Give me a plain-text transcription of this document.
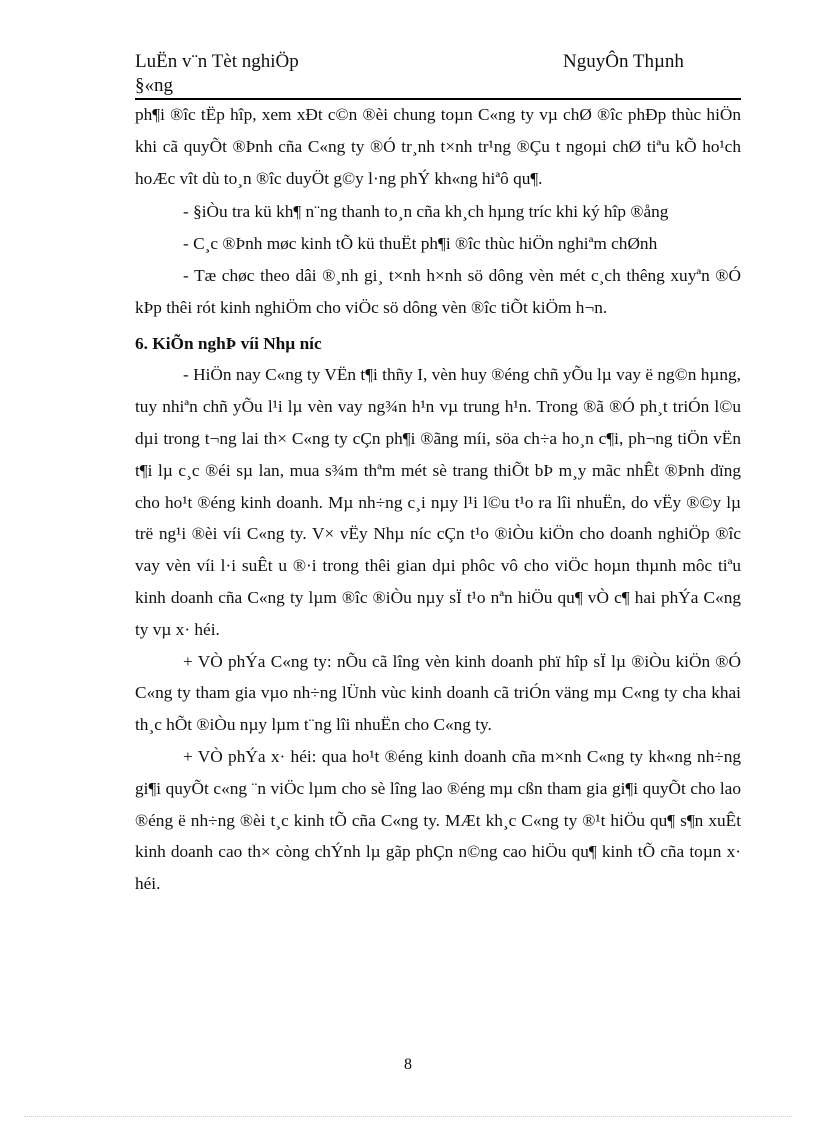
LuËn v¨n Tèt nghiÖp	NguyÔn Thµnh
§«ng

ph¶i ®îc tËp hîp, xem xÐt c©n ®èi chung toµn C«ng ty vµ chØ ®îc phÐp thùc hiÖn khi cã quyÕt ®Þnh cña C«ng ty ®Ó tr¸nh t×nh tr¹ng ®Çu t ngoµi chØ tiªu kÕ ho¹ch hoÆc vît dù to¸n ®îc duyÖt g©y l·ng phÝ kh«ng hiªô qu¶.

- §iÒu tra kü kh¶ n¨ng thanh to¸n cña kh¸ch hµng tríc khi ký hîp ®ång

- C¸c ®Þnh møc kinh tÕ kü thuËt ph¶i ®îc thùc hiÖn nghiªm chØnh

- Tæ chøc theo dâi ®¸nh gi¸ t×nh h×nh sö dông vèn mét c¸ch thêng xuyªn ®Ó kÞp thêi rót kinh nghiÖm cho viÖc sö dông vèn ®îc tiÕt kiÖm h¬n.

6. KiÕn nghÞ víi Nhµ níc

- HiÖn nay C«ng ty VËn t¶i thñy I, vèn huy ®éng chñ yÕu lµ vay ë ng©n hµng, tuy nhiªn chñ yÕu l¹i lµ vèn vay ng¾n h¹n vµ trung h¹n. Trong ®ã ®Ó ph¸t triÓn l©u dµi trong t¬ng lai th× C«ng ty cÇn ph¶i ®ãng míi, söa ch÷a ho¸n c¶i, ph¬ng tiÖn vËn t¶i lµ c¸c ®éi sµ lan, mua s¾m thªm mét sè trang thiÕt bÞ m¸y mãc nhÊt ®Þnh dïng cho ho¹t ®éng kinh doanh. Mµ nh÷ng c¸i nµy l¹i l©u t¹o ra lîi nhuËn, do vËy ®©y lµ trë ng¹i ®èi víi C«ng ty. V× vËy Nhµ níc cÇn t¹o ®iÒu kiÖn cho doanh nghiÖp ®îc vay vèn víi l·i suÊt u ®·i trong thêi gian dµi phôc vô cho viÖc hoµn thµnh môc tiªu kinh doanh cña C«ng ty lµm ®îc ®iÒu nµy sÏ t¹o nªn hiÖu qu¶ vÒ c¶ hai phÝa C«ng ty vµ x· héi.

+ VÒ phÝa C«ng ty: nÕu cã lîng vèn kinh doanh phï hîp sÏ lµ ®iÒu kiÖn ®Ó C«ng ty tham gia vµo nh÷ng lÜnh vùc kinh doanh cã triÓn väng mµ C«ng ty cha khai th¸c hÕt ®iÒu nµy lµm t¨ng lîi nhuËn cho C«ng ty.

+ VÒ phÝa x· héi: qua ho¹t ®éng kinh doanh cña m×nh C«ng ty kh«ng nh÷ng gi¶i quyÕt c«ng ¨n viÖc lµm cho sè lîng lao ®éng mµ cßn tham gia gi¶i quyÕt cho lao ®éng ë nh÷ng ®èi t¸c kinh tÕ cña C«ng ty. MÆt kh¸c C«ng ty ®¹t hiÖu qu¶ s¶n xuÊt kinh doanh cao th× còng chÝnh lµ gãp phÇn n©ng cao hiÖu qu¶ kinh tÕ cña toµn x· héi.

8
